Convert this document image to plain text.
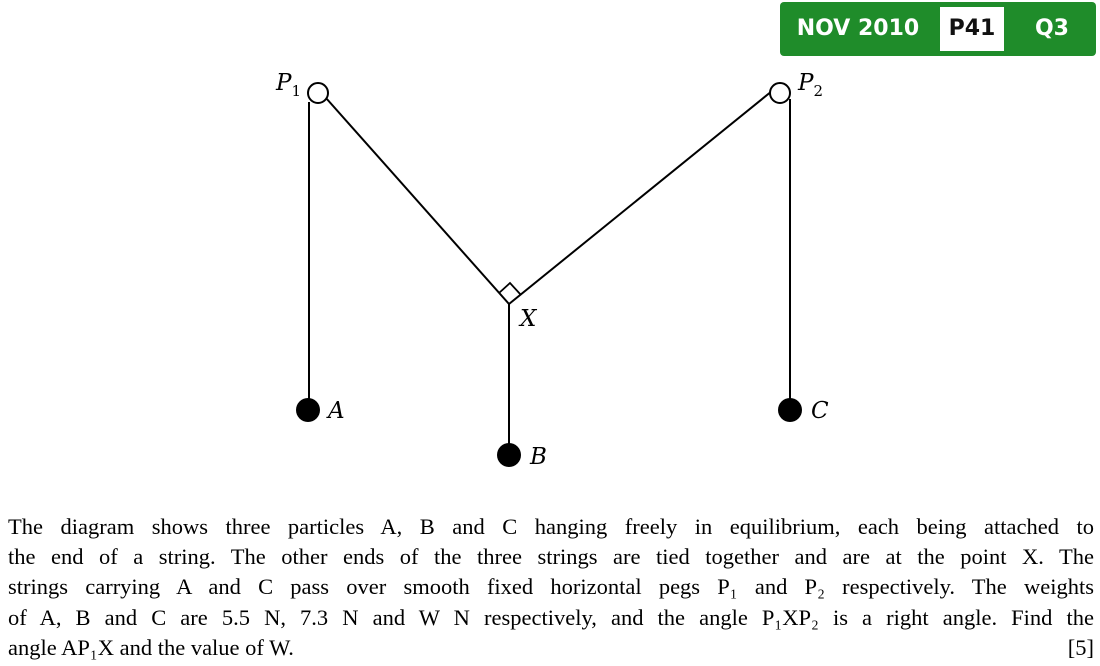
NOV 2010	P41	Q3
$P_1$	$P_2$
X
A
B
C
The diagram shows three particles A, B and C hanging freely in equilibrium, each being attached to
the end of a string. The other ends of the three strings are tied together and are at the point X. The
strings carrying A and C pass over smooth fixed horizontal pegs P₁ and P₂ respectively. The weights
of A, B and C are 5.5 N, 7.3 N and W N respectively, and the angle P₁XP₂ is a right angle. Find the
angle AP₁X and the value of W.	[5]
